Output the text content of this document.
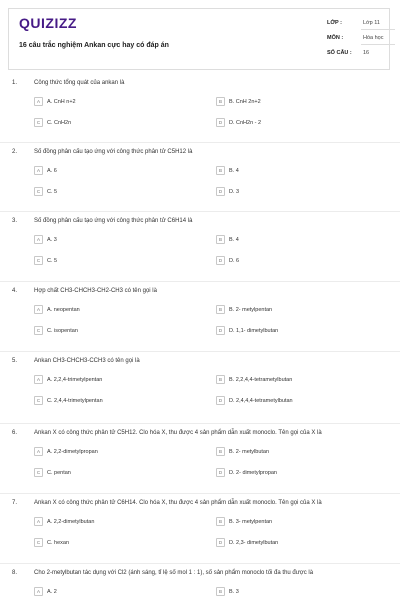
QUIZIZZ
16 câu trắc nghiệm Ankan cực hay có đáp án
LỚP :	Lớp 11
MÔN :	Hóa học
SỐ CÂU :	16
1.	Công thức tổng quát của ankan là
A	A. CnH n+2	B	B. CnH 2n+2
C	C. CnH2n	D	D. CnH2n - 2
2.	Số đồng phân cấu tạo ứng với công thức phân tử C5H12 là
A	A. 6	B	B. 4
C	C. 5	D	D. 3
3.	Số đồng phân cấu tạo ứng với công thức phân tử C6H14 là
A	A. 3	B	B. 4
C	C. 5	D	D. 6
4.	Hợp chất CH3-CHCH3-CH2-CH3 có tên gọi là
A	A. neopentan	B	B. 2- metylpentan
C	C. isopentan	D	D. 1,1- dimetylbutan
5.	Ankan CH3-CHCH3-CCH3 có tên gọi là
A	A. 2,2,4-trimetylpentan	B	B. 2,2,4,4-tetrametylbutan
C	C. 2,4,4-trimetylpentan	D	D. 2,4,4,4-tetrametylbutan
6.	Ankan X có công thức phân tử C5H12. Clo hóa X, thu được 4 sản phẩm dẫn xuất monoclo. Tên gọi của X là
A	A. 2,2-dimetylpropan	B	B. 2- metylbutan
C	C. pentan	D	D. 2- dimetylpropan
7.	Ankan X có công thức phân tử C6H14. Clo hóa X, thu được 4 sản phẩm dẫn xuất monoclo. Tên gọi của X là
A	A. 2,2-dimetylbutan	B	B. 3- metylpentan
C	C. hexan	D	D. 2,3- dimetylbutan
8.	Cho 2-metylbutan tác dụng với Cl2 (ánh sáng, tỉ lệ số mol 1 : 1), số sản phẩm monoclo tối đa thu được là
A	A. 2	B	B. 3
